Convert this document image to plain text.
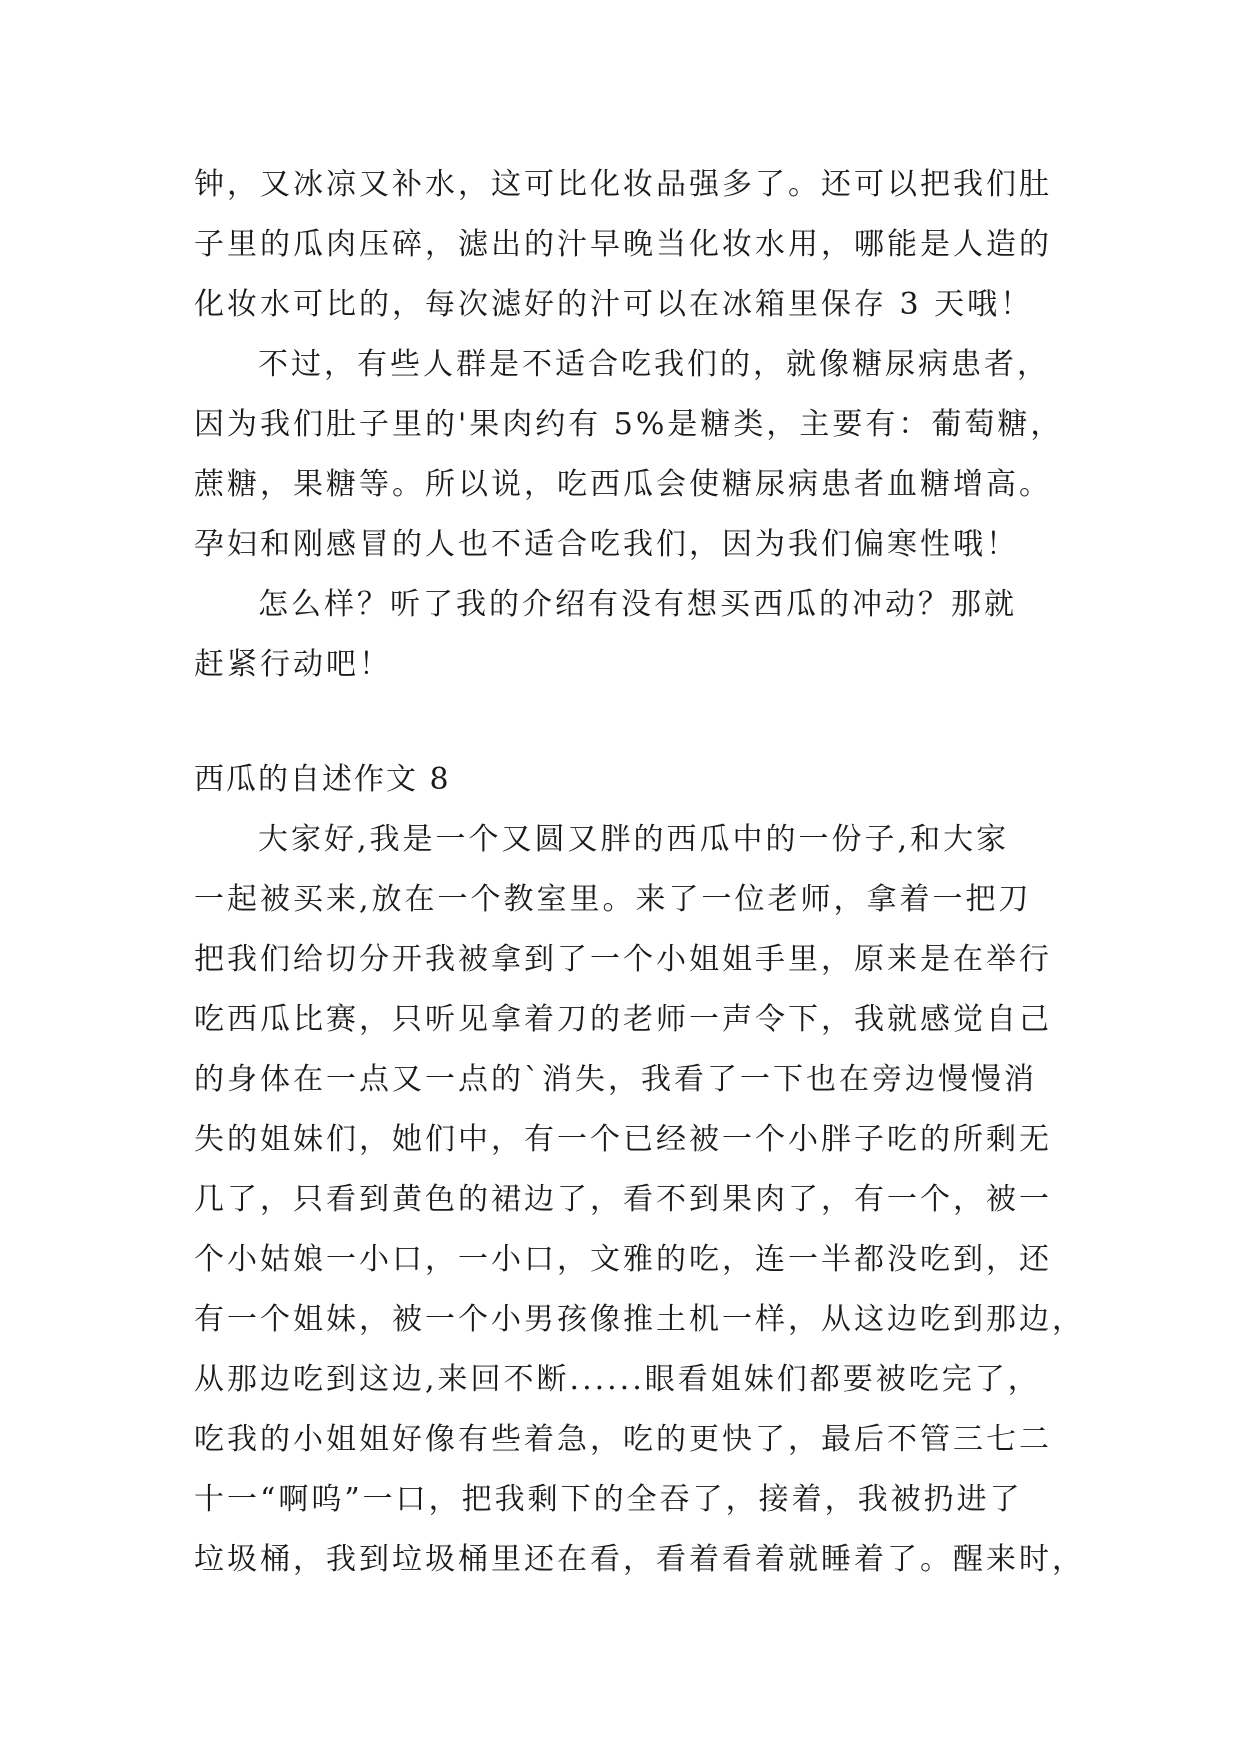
钟，又冰凉又补水，这可比化妆品强多了。还可以把我们肚
子里的瓜肉压碎，滤出的汁早晚当化妆水用，哪能是人造的
化妆水可比的，每次滤好的汁可以在冰箱里保存 3 天哦！
不过，有些人群是不适合吃我们的，就像糖尿病患者，
因为我们肚子里的'果肉约有 5%是糖类，主要有：葡萄糖，
蔗糖，果糖等。所以说，吃西瓜会使糖尿病患者血糖增高。
孕妇和刚感冒的人也不适合吃我们，因为我们偏寒性哦！
怎么样？听了我的介绍有没有想买西瓜的冲动？那就
赶紧行动吧！
西瓜的自述作文 8
大家好,我是一个又圆又胖的西瓜中的一份子,和大家
一起被买来,放在一个教室里。来了一位老师，拿着一把刀
把我们给切分开我被拿到了一个小姐姐手里，原来是在举行
吃西瓜比赛，只听见拿着刀的老师一声令下，我就感觉自己
的身体在一点又一点的`消失，我看了一下也在旁边慢慢消
失的姐妹们，她们中，有一个已经被一个小胖子吃的所剩无
几了，只看到黄色的裙边了，看不到果肉了，有一个，被一
个小姑娘一小口，一小口，文雅的吃，连一半都没吃到，还
有一个姐妹，被一个小男孩像推土机一样，从这边吃到那边，
从那边吃到这边,来回不断......眼看姐妹们都要被吃完了，
吃我的小姐姐好像有些着急，吃的更快了，最后不管三七二
十一“啊呜”一口，把我剩下的全吞了，接着，我被扔进了
垃圾桶，我到垃圾桶里还在看，看着看着就睡着了。醒来时，
